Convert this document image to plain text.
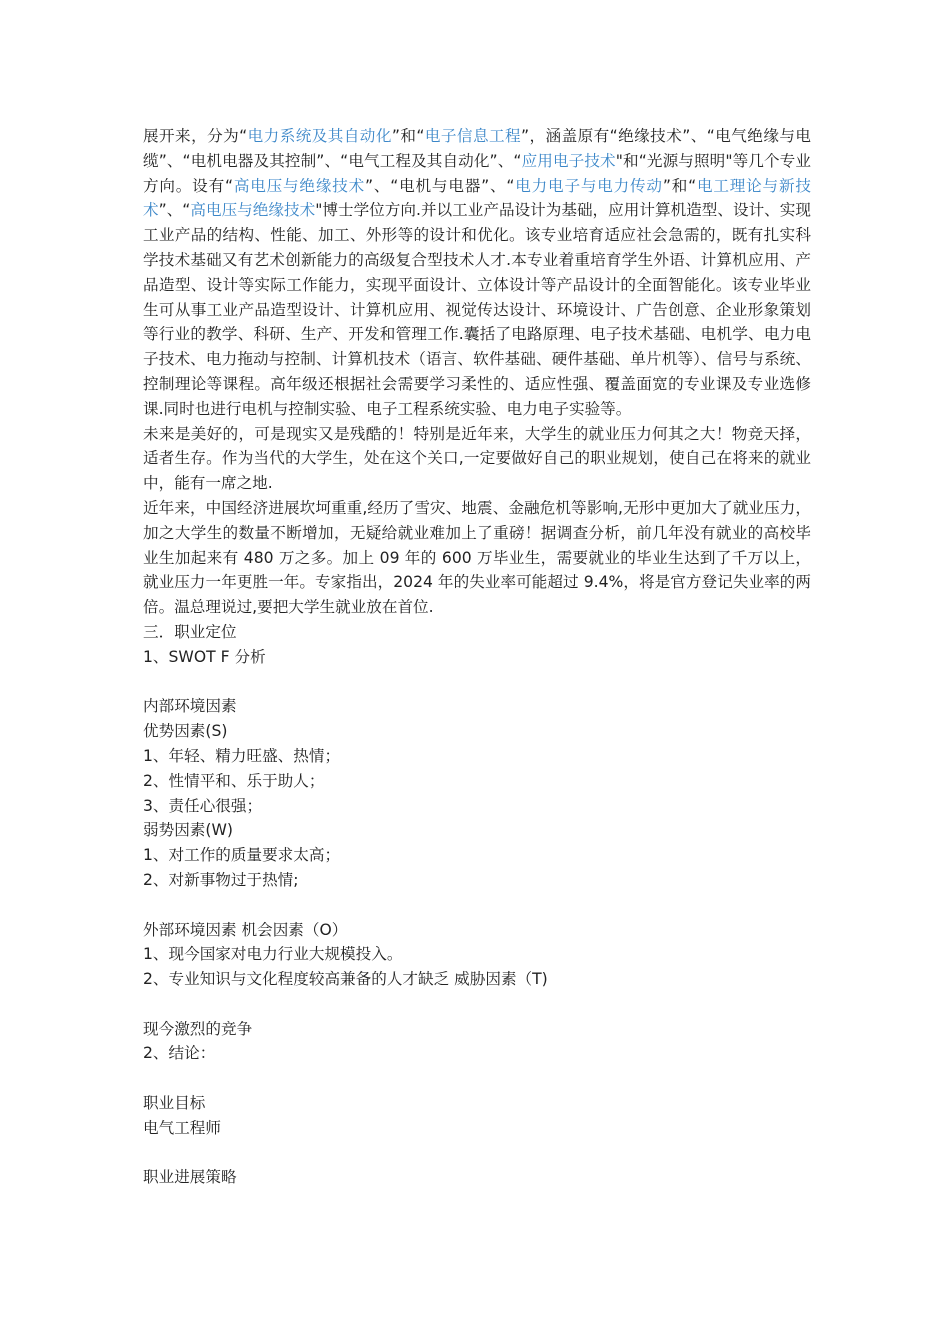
展开来，分为“电力系统及其自动化”和“电子信息工程”，涵盖原有“绝缘技术”、“电气绝缘与电缆”、“电机电器及其控制”、“电气工程及其自动化”、“应用电子技术"和“光源与照明"等几个专业方向。设有“高电压与绝缘技术”、“电机与电器”、“电力电子与电力传动”和“电工理论与新技术”、“高电压与绝缘技术"博士学位方向.并以工业产品设计为基础，应用计算机造型、设计、实现工业产品的结构、性能、加工、外形等的设计和优化。该专业培育适应社会急需的，既有扎实科学技术基础又有艺术创新能力的高级复合型技术人才.本专业着重培育学生外语、计算机应用、产品造型、设计等实际工作能力，实现平面设计、立体设计等产品设计的全面智能化。该专业毕业生可从事工业产品造型设计、计算机应用、视觉传达设计、环境设计、广告创意、企业形象策划等行业的教学、科研、生产、开发和管理工作.囊括了电路原理、电子技术基础、电机学、电力电子技术、电力拖动与控制、计算机技术（语言、软件基础、硬件基础、单片机等）、信号与系统、控制理论等课程。高年级还根据社会需要学习柔性的、适应性强、覆盖面宽的专业课及专业选修课.同时也进行电机与控制实验、电子工程系统实验、电力电子实验等。

未来是美好的，可是现实又是残酷的！特别是近年来，大学生的就业压力何其之大！物竞天择，适者生存。作为当代的大学生，处在这个关口,一定要做好自己的职业规划，使自己在将来的就业中，能有一席之地.

近年来，中国经济进展坎坷重重,经历了雪灾、地震、金融危机等影响,无形中更加大了就业压力，加之大学生的数量不断增加，无疑给就业难加上了重磅！据调查分析，前几年没有就业的高校毕业生加起来有 480 万之多。加上 09 年的 600 万毕业生，需要就业的毕业生达到了千万以上，就业压力一年更胜一年。专家指出，2024 年的失业率可能超过 9.4%，将是官方登记失业率的两倍。温总理说过,要把大学生就业放在首位.

三．职业定位

1、SWOT F 分析

内部环境因素

优势因素(S)

1、年轻、精力旺盛、热情；

2、性情平和、乐于助人；

3、责任心很强；

弱势因素(W)

1、对工作的质量要求太高；

2、对新事物过于热情;

外部环境因素 机会因素（O）

1、现今国家对电力行业大规模投入。

2、专业知识与文化程度较高兼备的人才缺乏 威胁因素（T)

现今激烈的竞争

2、结论：

职业目标

电气工程师

职业进展策略
